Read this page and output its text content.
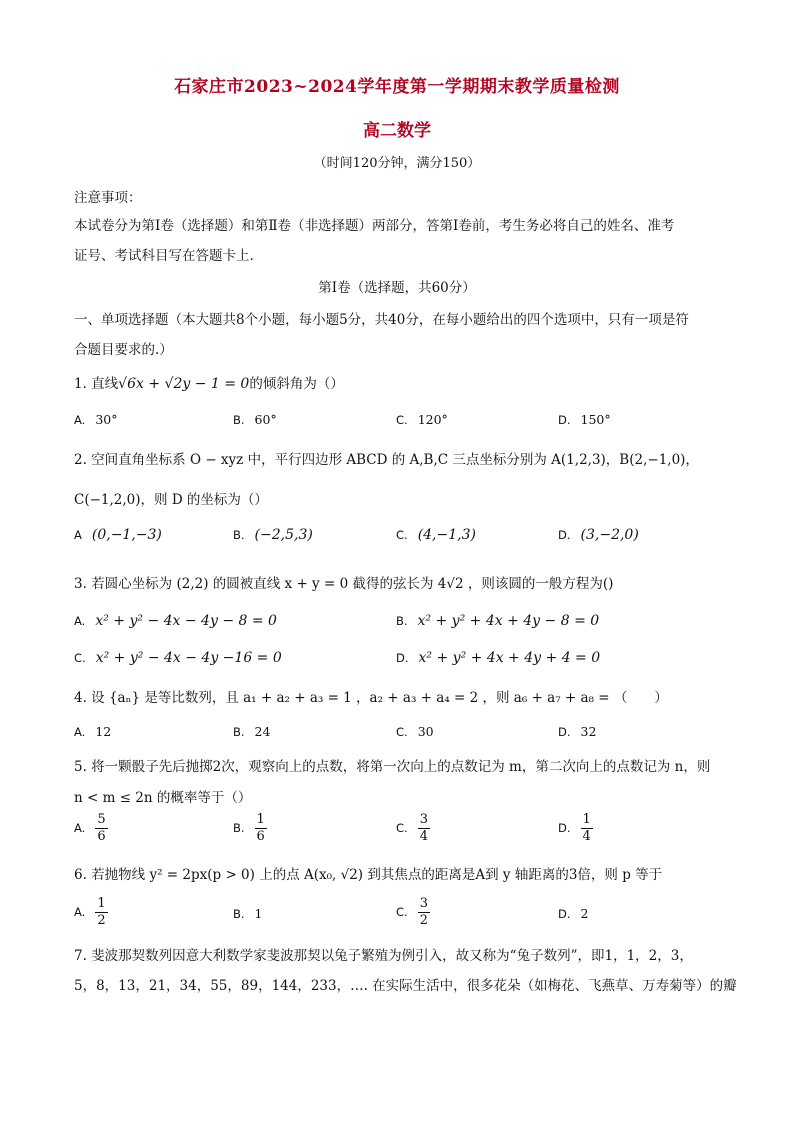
石家庄市2023~2024学年度第一学期期末教学质量检测
高二数学
（时间120分钟，满分150）
注意事项：
本试卷分为第Ⅰ卷（选择题）和第Ⅱ卷（非选择题）两部分，答第Ⅰ卷前，考生务必将自己的姓名、准考
证号、考试科目写在答题卡上.
第Ⅰ卷（选择题，共60分）
一、单项选择题（本大题共8个小题，每小题5分，共40分，在每小题给出的四个选项中，只有一项是符
合题目要求的.）
1. 直线√6x + √2y − 1 = 0的倾斜角为（）
A. 30°	B. 60°	C. 120°	D. 150°
2. 空间直角坐标系 O − xyz 中，平行四边形 ABCD 的 A,B,C 三点坐标分别为 A(1,2,3)，B(2,−1,0)，
C(−1,2,0)，则 D 的坐标为（）
A (0,−1,−3)	B. (−2,5,3)	C. (4,−1,3)	D. (3,−2,0)
3. 若圆心坐标为 (2,2) 的圆被直线 x + y = 0 截得的弦长为 4√2 ，则该圆的一般方程为()
A. x² + y² − 4x − 4y − 8 = 0	B. x² + y² + 4x + 4y − 8 = 0
C. x² + y² − 4x − 4y −16 = 0	D. x² + y² + 4x + 4y + 4 = 0
4. 设 {aₙ} 是等比数列，且 a₁ + a₂ + a₃ = 1 ，a₂ + a₃ + a₄ = 2 ，则 a₆ + a₇ + a₈ = （　　）
A. 12	B. 24	C. 30	D. 32
5. 将一颗骰子先后抛掷2次，观察向上的点数，将第一次向上的点数记为 m，第二次向上的点数记为 n，则
n < m ≤ 2n 的概率等于（）
A. $\frac{5}{6}$	B. $\frac{1}{6}$	C. $\frac{3}{4}$	D. $\frac{1}{4}$
6. 若抛物线 y² = 2px(p > 0) 上的点 A(x₀, √2) 到其焦点的距离是A到 y 轴距离的3倍，则 p 等于
A. $\frac{1}{2}$	B. 1	C. $\frac{3}{2}$	D. 2
7. 斐波那契数列因意大利数学家斐波那契以兔子繁殖为例引入，故又称为“兔子数列”，即1，1，2，3，
5，8，13，21，34，55，89，144，233，…. 在实际生活中，很多花朵（如梅花、飞燕草、万寿菊等）的瓣
